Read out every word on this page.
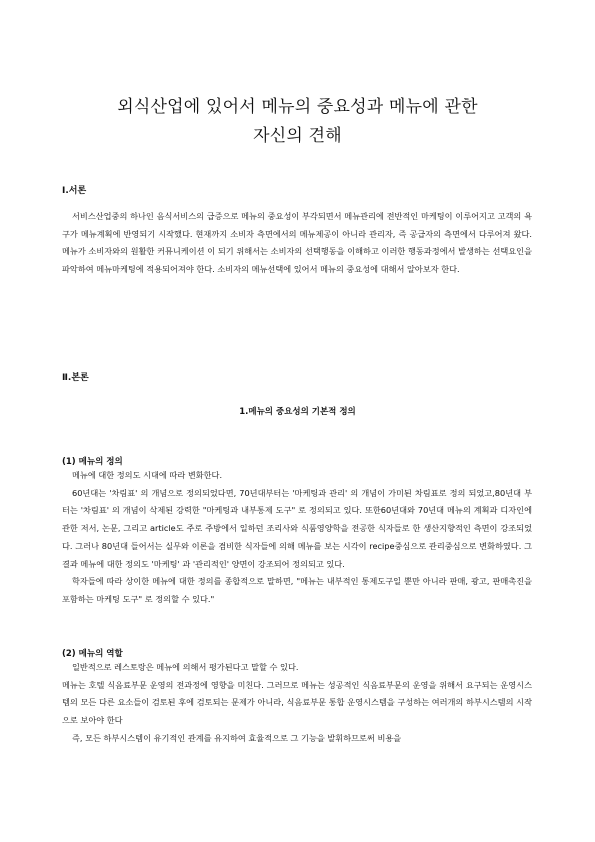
외식산업에 있어서 메뉴의 중요성과 메뉴에 관한
자신의 견해
Ⅰ.서론

서비스산업중의 하나인 음식서비스의 급증으로 메뉴의 중요성이 부각되면서 메뉴관리에 전반적인 마케팅이 이루어지고 고객의 욕구가 메뉴계획에 반영되기 시작했다. 현재까지 소비자 측면에서의 메뉴제공이 아니라 관리자, 즉 공급자의 측면에서 다루어져 왔다. 메뉴가 소비자와의 원활한 커뮤니케이션 이 되기 위해서는 소비자의 선택행동을 이해하고 이러한 행동과정에서 발생하는 선택요인을 파악하여 메뉴마케팅에 적용되어져야 한다. 소비자의 메뉴선택에 있어서 메뉴의 중요성에 대해서 알아보자 한다.

Ⅱ.본론
1.메뉴의 중요성의 기본적 정의
(1) 메뉴의 정의

메뉴에 대한 정의도 시대에 따라 변화한다.

60년대는 '차림표' 의 개념으로 정의되었다면, 70년대부터는 '마케팅과 관리' 의 개념이 가미된 차림표로 정의 되었고,80년대 부터는 '차림표' 의 개념이 삭제된 강력한 "마케팅과 내부통제 도구" 로 정의되고 있다. 또한60년대와 70년대 메뉴의 계획과 디자인에 관한 저서, 논문, 그리고 article도 주로 주방에서 일하던 조리사와 식품영양학을 전공한 식자들로 한 생산지향적인 측면이 강조되었다. 그러나 80년대 들어서는 실무와 이론을 겸비한 식자들에 의해 메뉴를 보는 시각이 recipe중심으로 관리중심으로 변화하였다. 그 결과 메뉴에 대한 정의도 '마케팅' 과 '관리적인' 양면이 강조되어 정의되고 있다.

학자들에 따라 상이한 메뉴에 대한 정의를 종합적으로 말하면, "메뉴는 내부적인 통제도구일 뿐만 아니라 판매, 광고, 판매촉진을 포함하는 마케팅 도구" 로 정의할 수 있다."

(2) 메뉴의 역할

일반적으로 레스토랑은 메뉴에 의해서 평가된다고 말할 수 있다.

메뉴는 호텔 식음료부문 운영의 전과정에 영향을 미친다. 그러므로 메뉴는 성공적인 식음료부문의 운영을 위해서 요구되는 운영시스템의 모든 다른 요소들이 검토된 후에 검토되는 문제가 아니라, 식음료부문 통합 운영시스템을 구성하는 여러개의 하부시스템의 시작으로 보아야 한다

즉, 모든 하부시스템이 유기적인 관계를 유지하여 효율적으로 그 기능을 발휘하므로써 비용을
